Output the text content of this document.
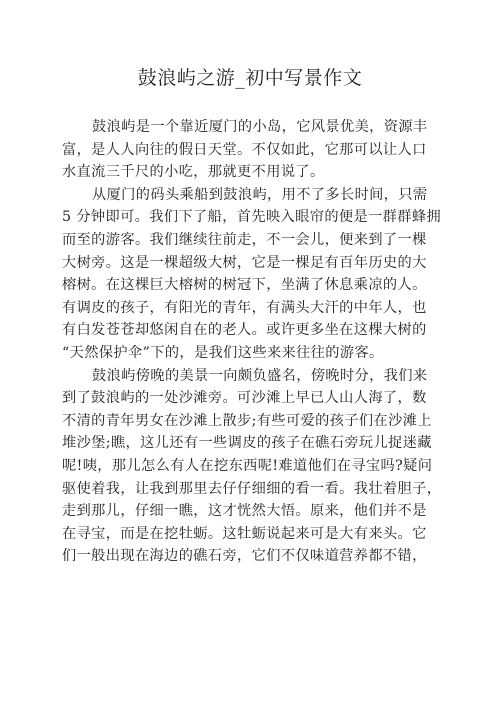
鼓浪屿之游_初中写景作文
鼓浪屿是一个靠近厦门的小岛，它风景优美，资源丰
富，是人人向往的假日天堂。不仅如此，它那可以让人口
水直流三千尺的小吃，那就更不用说了。
从厦门的码头乘船到鼓浪屿，用不了多长时间，只需
5 分钟即可。我们下了船，首先映入眼帘的便是一群群蜂拥
而至的游客。我们继续往前走，不一会儿，便来到了一棵
大树旁。这是一棵超级大树，它是一棵足有百年历史的大
榕树。在这棵巨大榕树的树冠下，坐满了休息乘凉的人。
有调皮的孩子，有阳光的青年，有满头大汗的中年人，也
有白发苍苍却悠闲自在的老人。或许更多坐在这棵大树的
“天然保护伞”下的，是我们这些来来往往的游客。
鼓浪屿傍晚的美景一向颇负盛名，傍晚时分，我们来
到了鼓浪屿的一处沙滩旁。可沙滩上早已人山人海了，数
不清的青年男女在沙滩上散步;有些可爱的孩子们在沙滩上
堆沙堡;瞧，这儿还有一些调皮的孩子在礁石旁玩儿捉迷藏
呢!咦，那儿怎么有人在挖东西呢!难道他们在寻宝吗?疑问
驱使着我，让我到那里去仔仔细细的看一看。我壮着胆子，
走到那儿，仔细一瞧，这才恍然大悟。原来，他们并不是
在寻宝，而是在挖牡蛎。这牡蛎说起来可是大有来头。它
们一般出现在海边的礁石旁，它们不仅味道营养都不错，
